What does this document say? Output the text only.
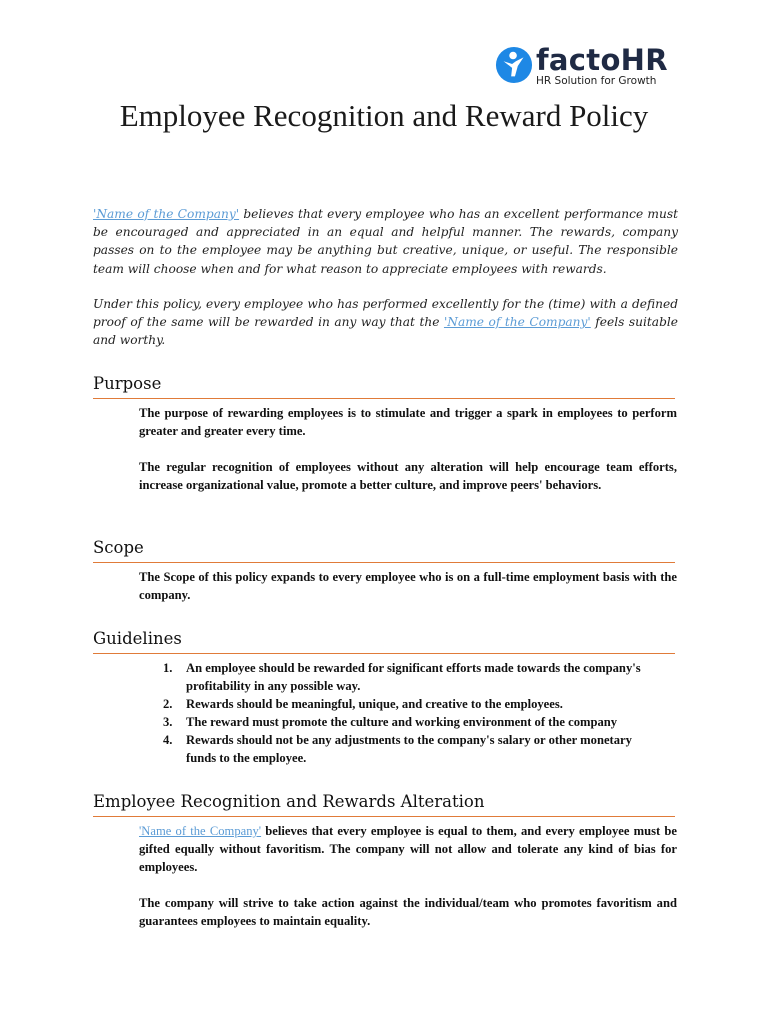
factoHR
HR Solution for Growth
Employee Recognition and Reward Policy

'Name of the Company' believes that every employee who has an excellent performance must be encouraged and appreciated in an equal and helpful manner. The rewards, company passes on to the employee may be anything but creative, unique, or useful. The responsible team will choose when and for what reason to appreciate employees with rewards.

Under this policy, every employee who has performed excellently for the (time) with a defined proof of the same will be rewarded in any way that the 'Name of the Company' feels suitable and worthy.

Purpose

The purpose of rewarding employees is to stimulate and trigger a spark in employees to perform greater and greater every time.

The regular recognition of employees without any alteration will help encourage team efforts, increase organizational value, promote a better culture, and improve peers' behaviors.

Scope

The Scope of this policy expands to every employee who is on a full-time employment basis with the company.

Guidelines
1. An employee should be rewarded for significant efforts made towards the company's profitability in any possible way.
2. Rewards should be meaningful, unique, and creative to the employees.
3. The reward must promote the culture and working environment of the company
4. Rewards should not be any adjustments to the company's salary or other monetary funds to the employee.
Employee Recognition and Rewards Alteration

'Name of the Company' believes that every employee is equal to them, and every employee must be gifted equally without favoritism. The company will not allow and tolerate any kind of bias for employees.

The company will strive to take action against the individual/team who promotes favoritism and guarantees employees to maintain equality.
